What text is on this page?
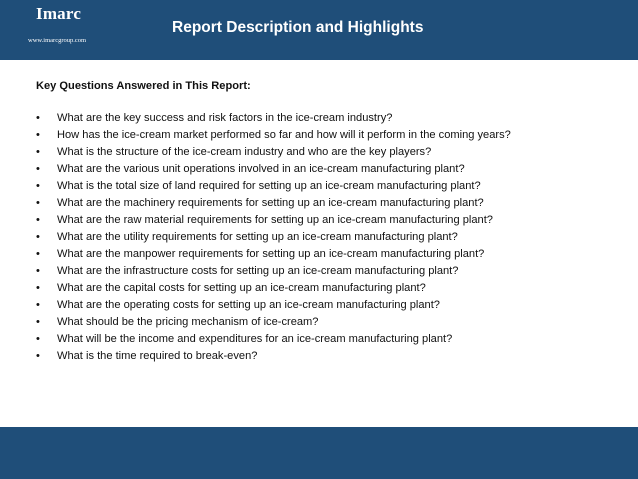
Imarc
www.imarcgroup.com
Report Description and Highlights
Key Questions Answered in This Report:
• What are the key success and risk factors in the ice-cream industry?
• How has the ice-cream market performed so far and how will it perform in the coming years?
• What is the structure of the ice-cream industry and who are the key players?
• What are the various unit operations involved in an ice-cream manufacturing plant?
• What is the total size of land required for setting up an ice-cream manufacturing plant?
• What are the machinery requirements for setting up an ice-cream manufacturing plant?
• What are the raw material requirements for setting up an ice-cream manufacturing plant?
• What are the utility requirements for setting up an ice-cream manufacturing plant?
• What are the manpower requirements for setting up an ice-cream manufacturing plant?
• What are the infrastructure costs for setting up an ice-cream manufacturing plant?
• What are the capital costs for setting up an ice-cream manufacturing plant?
• What are the operating costs for setting up an ice-cream manufacturing plant?
• What should be the pricing mechanism of ice-cream?
• What will be the income and expenditures for an ice-cream manufacturing plant?
• What is the time required to break-even?
